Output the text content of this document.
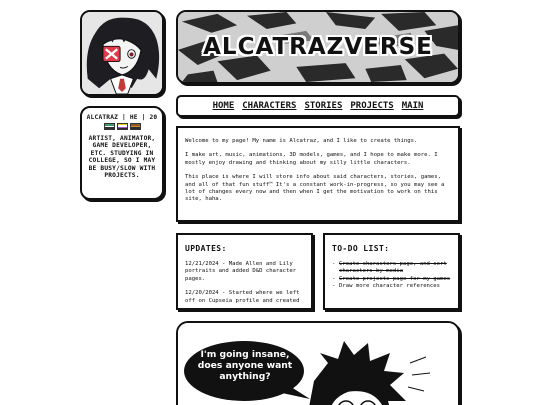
ALCATRAZ | HE | 20
ARTIST, ANIMATOR, GAME DEVELOPER, ETC. STUDYING IN COLLEGE, SO I MAY BE BUSY/SLOW WITH PROJECTS.
ALCATRAZVERSE
HOME CHARACTERS STORIES PROJECTS MAIN

Welcome to my page! My name is Alcatraz, and I like to create things.

I make art, music, animations, 3D models, games, and I hope to make more. I mostly enjoy drawing and thinking about my silly little characters.

This place is where I will store info about said characters, stories, games, and all of that fun stuff™ It's a constant work-in-progress, so you may see a lot of changes every now and then when I get the motivation to work on this site, haha.

UPDATES:
12/21/2024 - Made Allen and Lily portraits and added D&D character pages.
12/20/2024 - Started where we left off on Cupseia profile and created
TO-DO LIST:
- Create characters page, and sort characters by media
- Create projects page for my games
- Draw more character references
I'm going insane, does anyone want anything?
